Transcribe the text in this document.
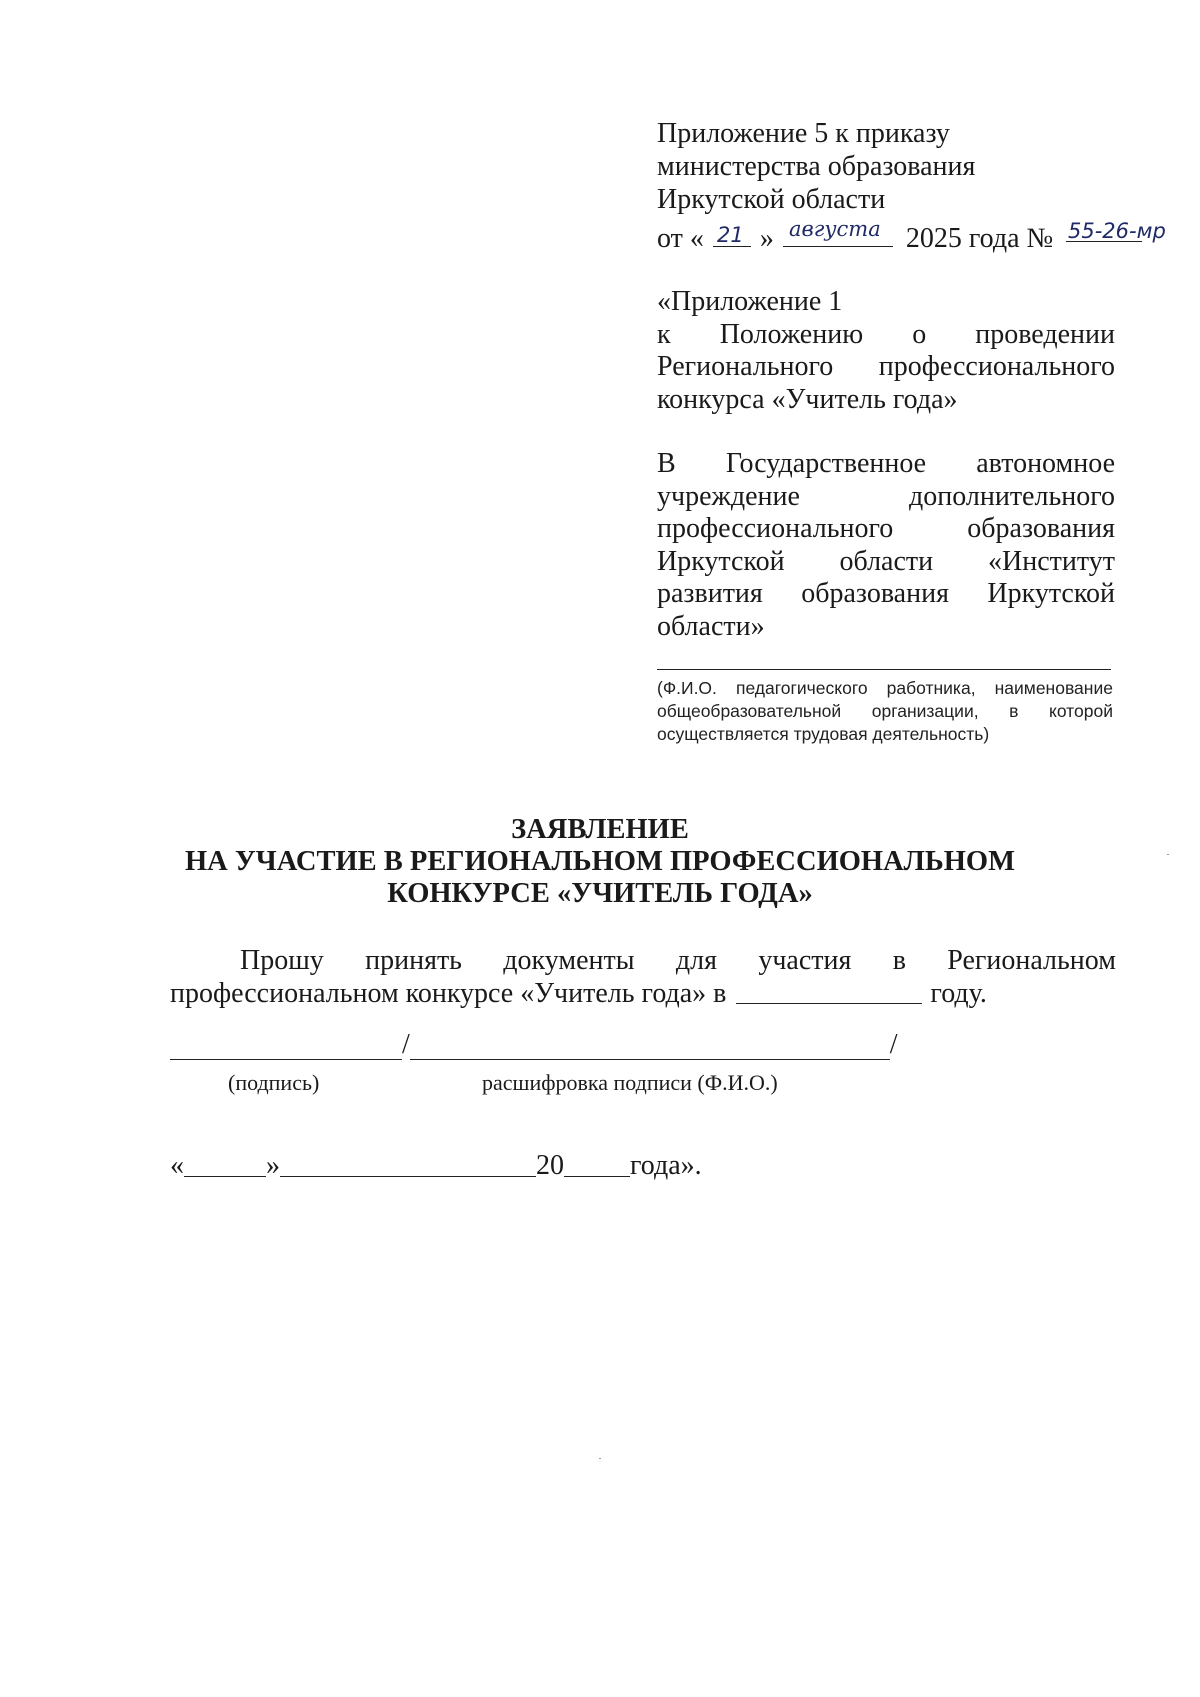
Приложение 5 к приказу
министерства образования
Иркутской области
от « 21 » августа 2025 года № 55-26-мр
«Приложение 1
к Положению о проведении
Регионального профессионального
конкурса «Учитель года»
В Государственное автономное
учреждение	дополнительного
профессионального	образования
Иркутской области «Институт
развития образования Иркутской
области»
(Ф.И.О. педагогического работника, наименование
общеобразовательной организации, в которой
осуществляется трудовая деятельность)
ЗАЯВЛЕНИЕ
НА УЧАСТИЕ В РЕГИОНАЛЬНОМ ПРОФЕССИОНАЛЬНОМ
КОНКУРСЕ «УЧИТЕЛЬ ГОДА»
Прошу принять документы для участия в Региональном
профессиональном конкурсе «Учитель года» в	году.
/	/
(подпись)	расшифровка подписи (Ф.И.О.)
«	»	20 года».
